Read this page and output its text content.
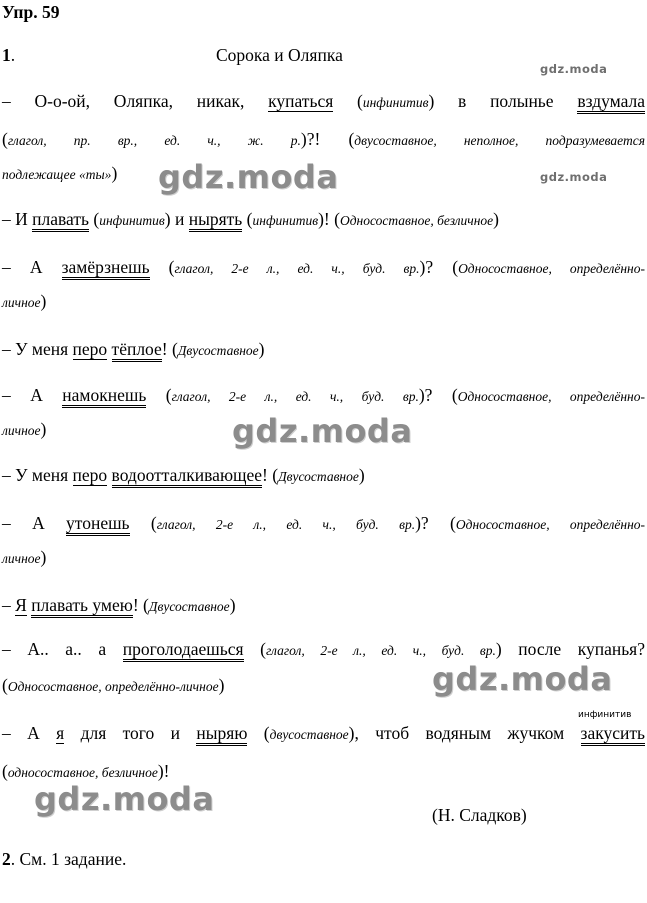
Упр. 59
1.	Сорока и Оляпка
– О-о-ой, Оляпка, никак, купаться (инфинитив) в полынье вздумала
(глагол, пр. вр., ед. ч., ж. р.)?! (двусоставное, неполное, подразумевается
подлежащее «ты»)
– И плавать (инфинитив) и нырять (инфинитив)! (Односоставное, безличное)
– А замёрзнешь (глагол, 2-е л., ед. ч., буд. вр.)? (Односоставное, определённо-
личное)
– У меня перо тёплое! (Двусоставное)
– А намокнешь (глагол, 2-е л., ед. ч., буд. вр.)? (Односоставное, определённо-
личное)
– У меня перо водоотталкивающее! (Двусоставное)
– А утонешь (глагол, 2-е л., ед. ч., буд. вр.)? (Односоставное, определённо-
личное)
– Я плавать умею! (Двусоставное)
– А.. а.. а проголодаешься (глагол, 2-е л., ед. ч., буд. вр.) после купанья?
(Односоставное, определённо-личное)
инфинитив
– А я для того и ныряю (двусоставное), чтоб водяным жучком закусить
(односоставное, безличное)!
(Н. Сладков)
2. См. 1 задание.
gdz.moda
gdz.moda
gdz.moda
gdz.moda
gdz.moda
gdz.moda
